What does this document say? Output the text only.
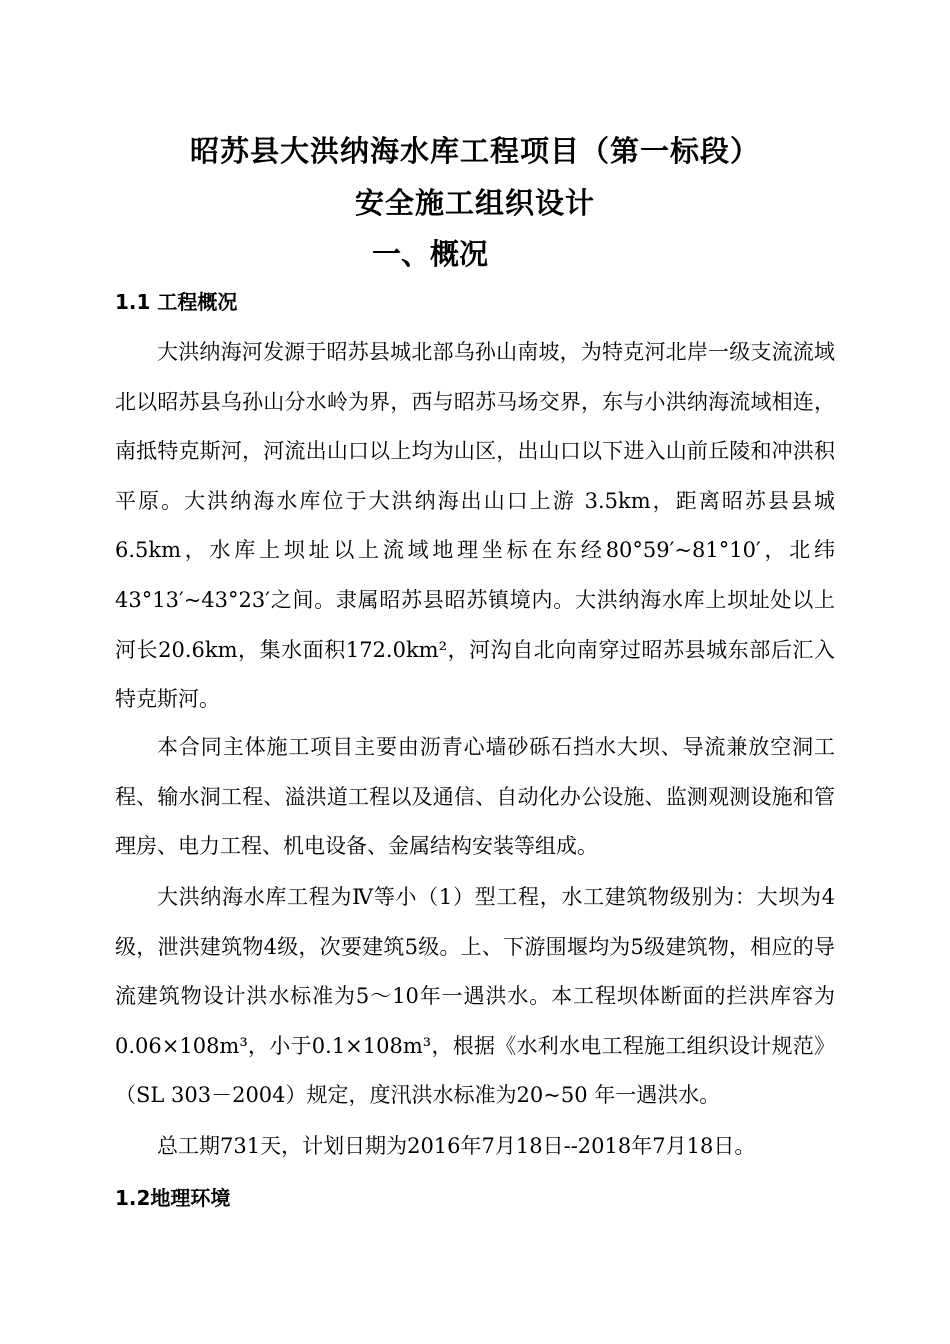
昭苏县大洪纳海水库工程项目（第一标段）
安全施工组织设计
一、概况
1.1 工程概况

大洪纳海河发源于昭苏县城北部乌孙山南坡，为特克河北岸一级支流流域北以昭苏县乌孙山分水岭为界，西与昭苏马场交界，东与小洪纳海流域相连，南抵特克斯河，河流出山口以上均为山区，出山口以下进入山前丘陵和冲洪积平原。大洪纳海水库位于大洪纳海出山口上游 3.5km，距离昭苏县县城 6.5km，水库上坝址以上流域地理坐标在东经80°59′~81°10′，北纬43°13′~43°23′之间。隶属昭苏县昭苏镇境内。大洪纳海水库上坝址处以上河长20.6km，集水面积172.0km²，河沟自北向南穿过昭苏县城东部后汇入特克斯河。

本合同主体施工项目主要由沥青心墙砂砾石挡水大坝、导流兼放空洞工程、输水洞工程、溢洪道工程以及通信、自动化办公设施、监测观测设施和管理房、电力工程、机电设备、金属结构安装等组成。

大洪纳海水库工程为Ⅳ等小（1）型工程，水工建筑物级别为：大坝为4 级，泄洪建筑物4级，次要建筑5级。上、下游围堰均为5级建筑物，相应的导流建筑物设计洪水标准为5～10年一遇洪水。本工程坝体断面的拦洪库容为0.06×108m³，小于0.1×108m³，根据《水利水电工程施工组织设计规范》（SL 303－2004）规定，度汛洪水标准为20~50 年一遇洪水。

总工期731天，计划日期为2016年7月18日--2018年7月18日。

1.2地理环境
